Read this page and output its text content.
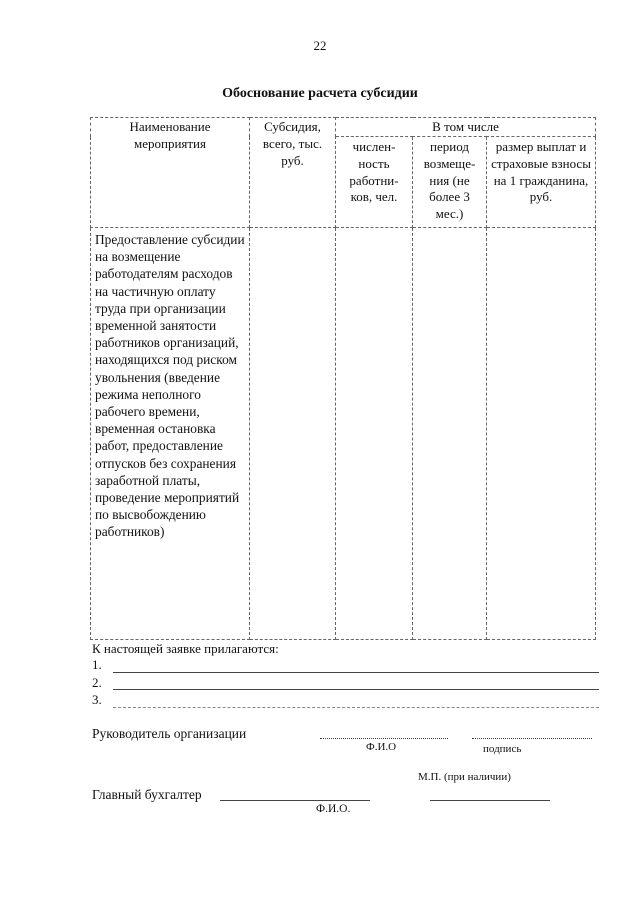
22
Обоснование расчета субсидии
Наименование мероприятия	Субсидия, всего, тыс. руб.	В том числе		
		числен-ность работни-ков, чел.	период возмеще-ния (не более 3 мес.)	размер выплат и страховые взносы на 1 гражданина, руб.
Предоставление субсидии на возмещение работодателям расходов на частичную оплату труда при организации временной занятости работников организаций, находящихся под риском увольнения (введение режима неполного рабочего времени, временная остановка работ, предоставление отпусков без сохранения заработной платы, проведение мероприятий по высвобождению работников)				
К настоящей заявке прилагаются:
1.
2.
3.
Руководитель организации
Ф.И.О	подпись
М.П. (при наличии)
Главный бухгалтер
Ф.И.О.
